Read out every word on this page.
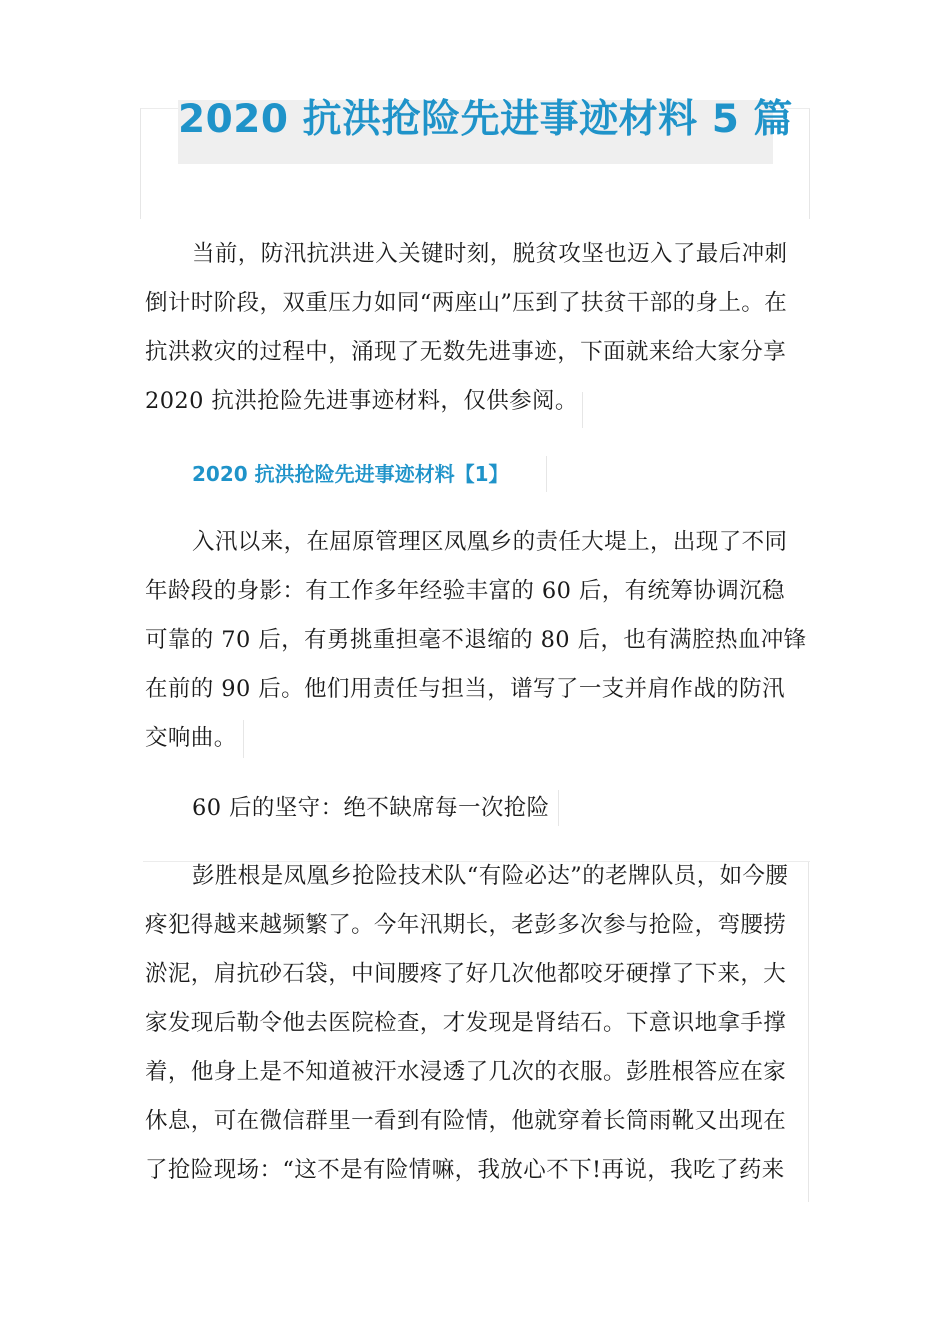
2020 抗洪抢险先进事迹材料 5 篇
当前，防汛抗洪进入关键时刻，脱贫攻坚也迈入了最后冲刺
倒计时阶段，双重压力如同“两座山”压到了扶贫干部的身上。在
抗洪救灾的过程中，涌现了无数先进事迹，下面就来给大家分享
2020 抗洪抢险先进事迹材料，仅供参阅。
2020 抗洪抢险先进事迹材料【1】
入汛以来，在屈原管理区凤凰乡的责任大堤上，出现了不同
年龄段的身影：有工作多年经验丰富的 60 后，有统筹协调沉稳
可靠的 70 后，有勇挑重担毫不退缩的 80 后，也有满腔热血冲锋
在前的 90 后。他们用责任与担当，谱写了一支并肩作战的防汛
交响曲。
60 后的坚守：绝不缺席每一次抢险
彭胜根是凤凰乡抢险技术队“有险必达”的老牌队员，如今腰
疼犯得越来越频繁了。今年汛期长，老彭多次参与抢险，弯腰捞
淤泥，肩抗砂石袋，中间腰疼了好几次他都咬牙硬撑了下来，大
家发现后勒令他去医院检查，才发现是肾结石。下意识地拿手撑
着，他身上是不知道被汗水浸透了几次的衣服。彭胜根答应在家
休息，可在微信群里一看到有险情，他就穿着长筒雨靴又出现在
了抢险现场：“这不是有险情嘛，我放心不下!再说，我吃了药来
